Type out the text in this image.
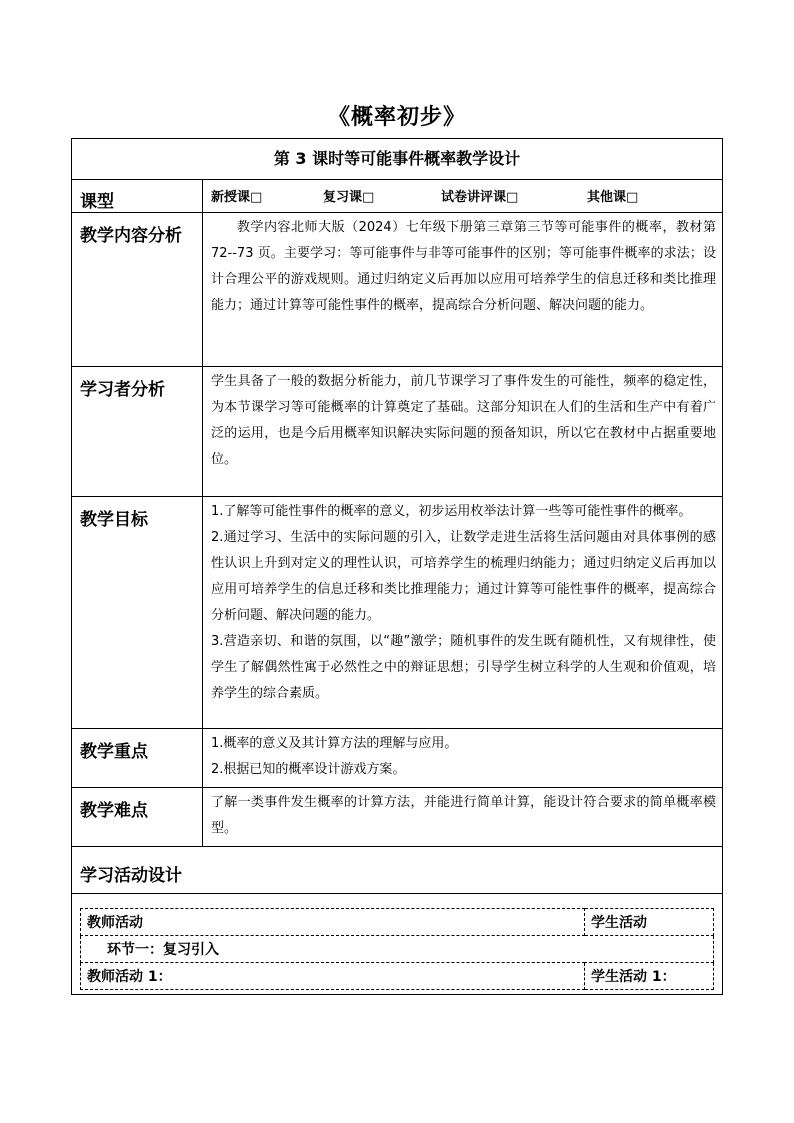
《概率初步》
第 3 课时等可能事件概率教学设计
课型	新授课□	复习课□	试卷讲评课□	其他课□

教学内容分析	教学内容北师大版（2024）七年级下册第三章第三节等可能事件的概率，教材第 72--73 页。主要学习：等可能事件与非等可能事件的区别；等可能事件概率的求法；设计合理公平的游戏规则。通过归纳定义后再加以应用可培养学生的信息迁移和类比推理能力；通过计算等可能性事件的概率，提高综合分析问题、解决问题的能力。

学习者分析	学生具备了一般的数据分析能力，前几节课学习了事件发生的可能性，频率的稳定性，为本节课学习等可能概率的计算奠定了基础。这部分知识在人们的生活和生产中有着广泛的运用，也是今后用概率知识解决实际问题的预备知识，所以它在教材中占据重要地位。

教学目标	1.了解等可能性事件的概率的意义，初步运用枚举法计算一些等可能性事件的概率。

2.通过学习、生活中的实际问题的引入，让数学走进生活将生活问题由对具体事例的感性认识上升到对定义的理性认识，可培养学生的梳理归纳能力；通过归纳定义后再加以应用可培养学生的信息迁移和类比推理能力；通过计算等可能性事件的概率，提高综合分析问题、解决问题的能力。

3.营造亲切、和谐的氛围，以“趣”激学；随机事件的发生既有随机性，又有规律性，使学生了解偶然性寓于必然性之中的辩证思想；引导学生树立科学的人生观和价值观，培养学生的综合素质。

教学重点	1.概率的意义及其计算方法的理解与应用。

2.根据已知的概率设计游戏方案。

教学难点	了解一类事件发生概率的计算方法，并能进行简单计算，能设计符合要求的简单概率模型。

学习活动设计

教师活动	学生活动
环节一：复习引入
教师活动 1：	学生活动 1：
